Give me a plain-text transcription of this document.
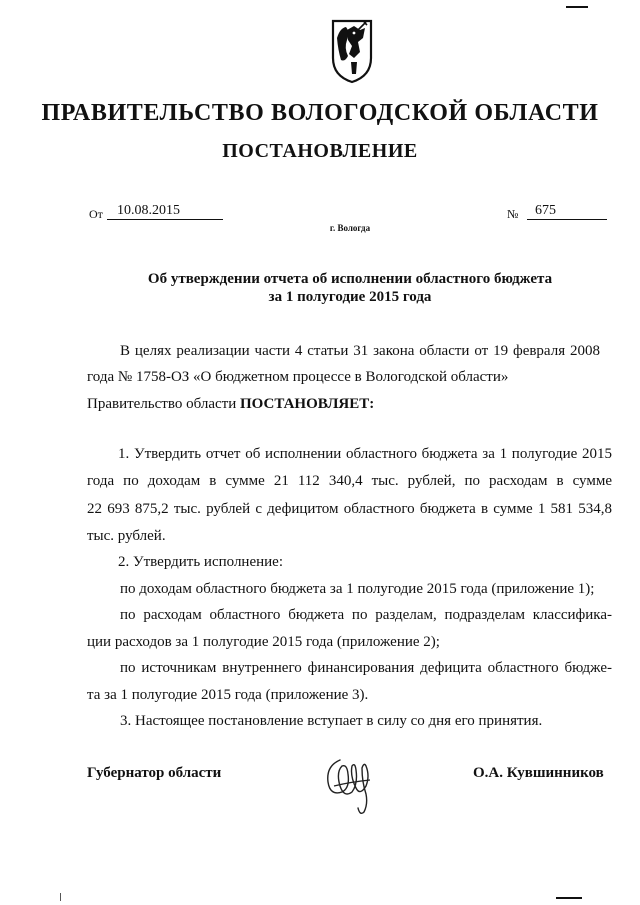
ПРАВИТЕЛЬСТВО ВОЛОГОДСКОЙ ОБЛАСТИ
ПОСТАНОВЛЕНИЕ
От	10.08.2015	№	675
г. Вологда
Об утверждении отчета об исполнении областного бюджета
за 1 полугодие 2015 года
В целях реализации части 4 статьи 31 закона области от 19 февраля 2008
года № 1758-ОЗ «О бюджетном процессе в Вологодской области»
Правительство области ПОСТАНОВЛЯЕТ:
1. Утвердить отчет об исполнении областного бюджета за 1 полугодие 2015
года по доходам в сумме 21 112 340,4 тыс. рублей, по расходам в сумме
22 693 875,2 тыс. рублей с дефицитом областного бюджета в сумме 1 581 534,8
тыс. рублей.
2. Утвердить исполнение:
по доходам областного бюджета за 1 полугодие 2015 года (приложение 1);
по расходам областного бюджета по разделам, подразделам классифика-
ции расходов за 1 полугодие 2015 года (приложение 2);
по источникам внутреннего финансирования дефицита областного бюдже-
та за 1 полугодие 2015 года (приложение 3).
3. Настоящее постановление вступает в силу со дня его принятия.
Губернатор области	О.А. Кувшинников
